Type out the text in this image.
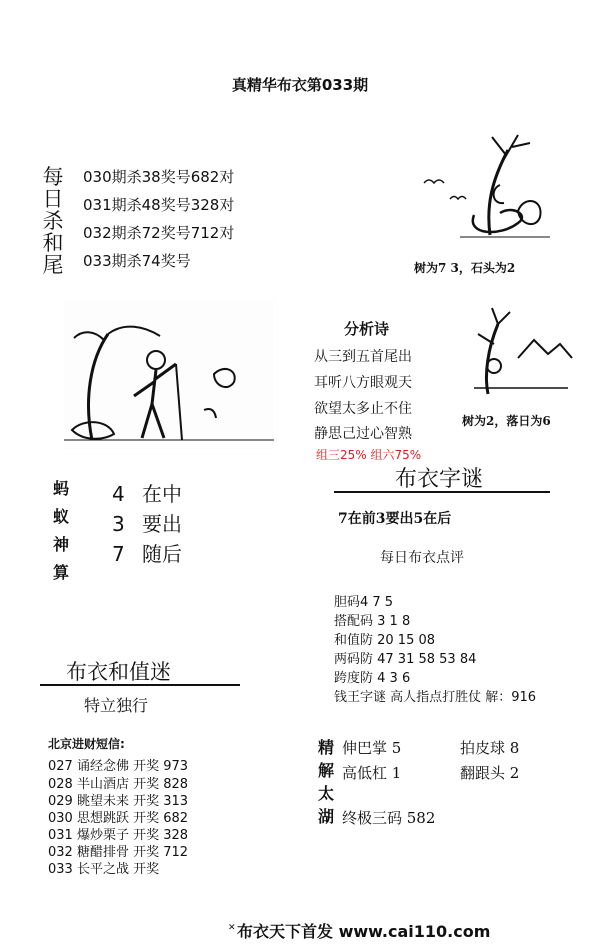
真精华布衣第033期
每
日
杀
和
尾
030期杀38奖号682对
031期杀48奖号328对
032期杀72奖号712对
033期杀74奖号	树为7 3，石头为2
树为2，落日为6
分析诗
从三到五首尾出
耳听八方眼观天
欲望太多止不住
静思己过心智熟
组三25% 组六75%
蚂
蚁
神
算
4 在中
3 要出
7 随后
布衣字谜
7在前3要出5在后
每日布衣点评
胆码4 7 5
搭配码 3 1 8
和值防 20 15 08
两码防 47 31 58 53 84
跨度防 4 3 6
钱王字谜 高人指点打胜仗 解：916
布衣和值迷
特立独行
北京进财短信:
027 诵经念佛 开奖 973
028 半山酒店 开奖 828
029 眺望未来 开奖 313
030 思想跳跃 开奖 682
031 爆炒栗子 开奖 328
032 糖醋排骨 开奖 712
033 长平之战 开奖
精
解
太
湖
伸巴掌 5	拍皮球 8
高低杠 1	翻跟头 2
终极三码 582
✕ 布衣天下首发 www.cai110.com
